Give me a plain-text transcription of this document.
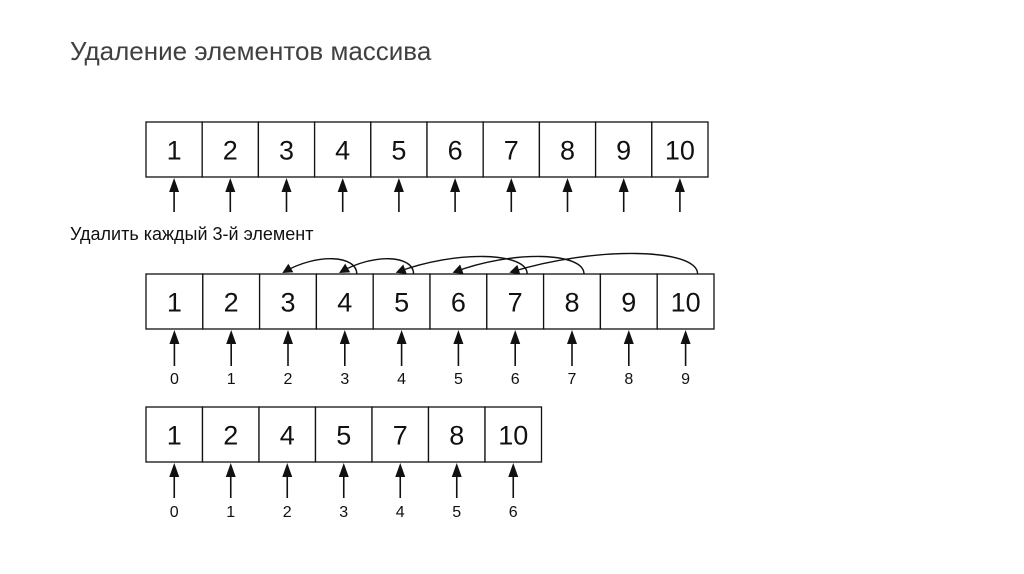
Удаление элементов массива
Удалить каждый 3-й элемент
1 2 3 4 5 6 7 8 9 10
1
0
2
1
3
2
4
3
5
4
6
5
7
6
8
7
9
8
10
9
1
0
2
1
4
2
5
3
7
4
8
5
10
6
